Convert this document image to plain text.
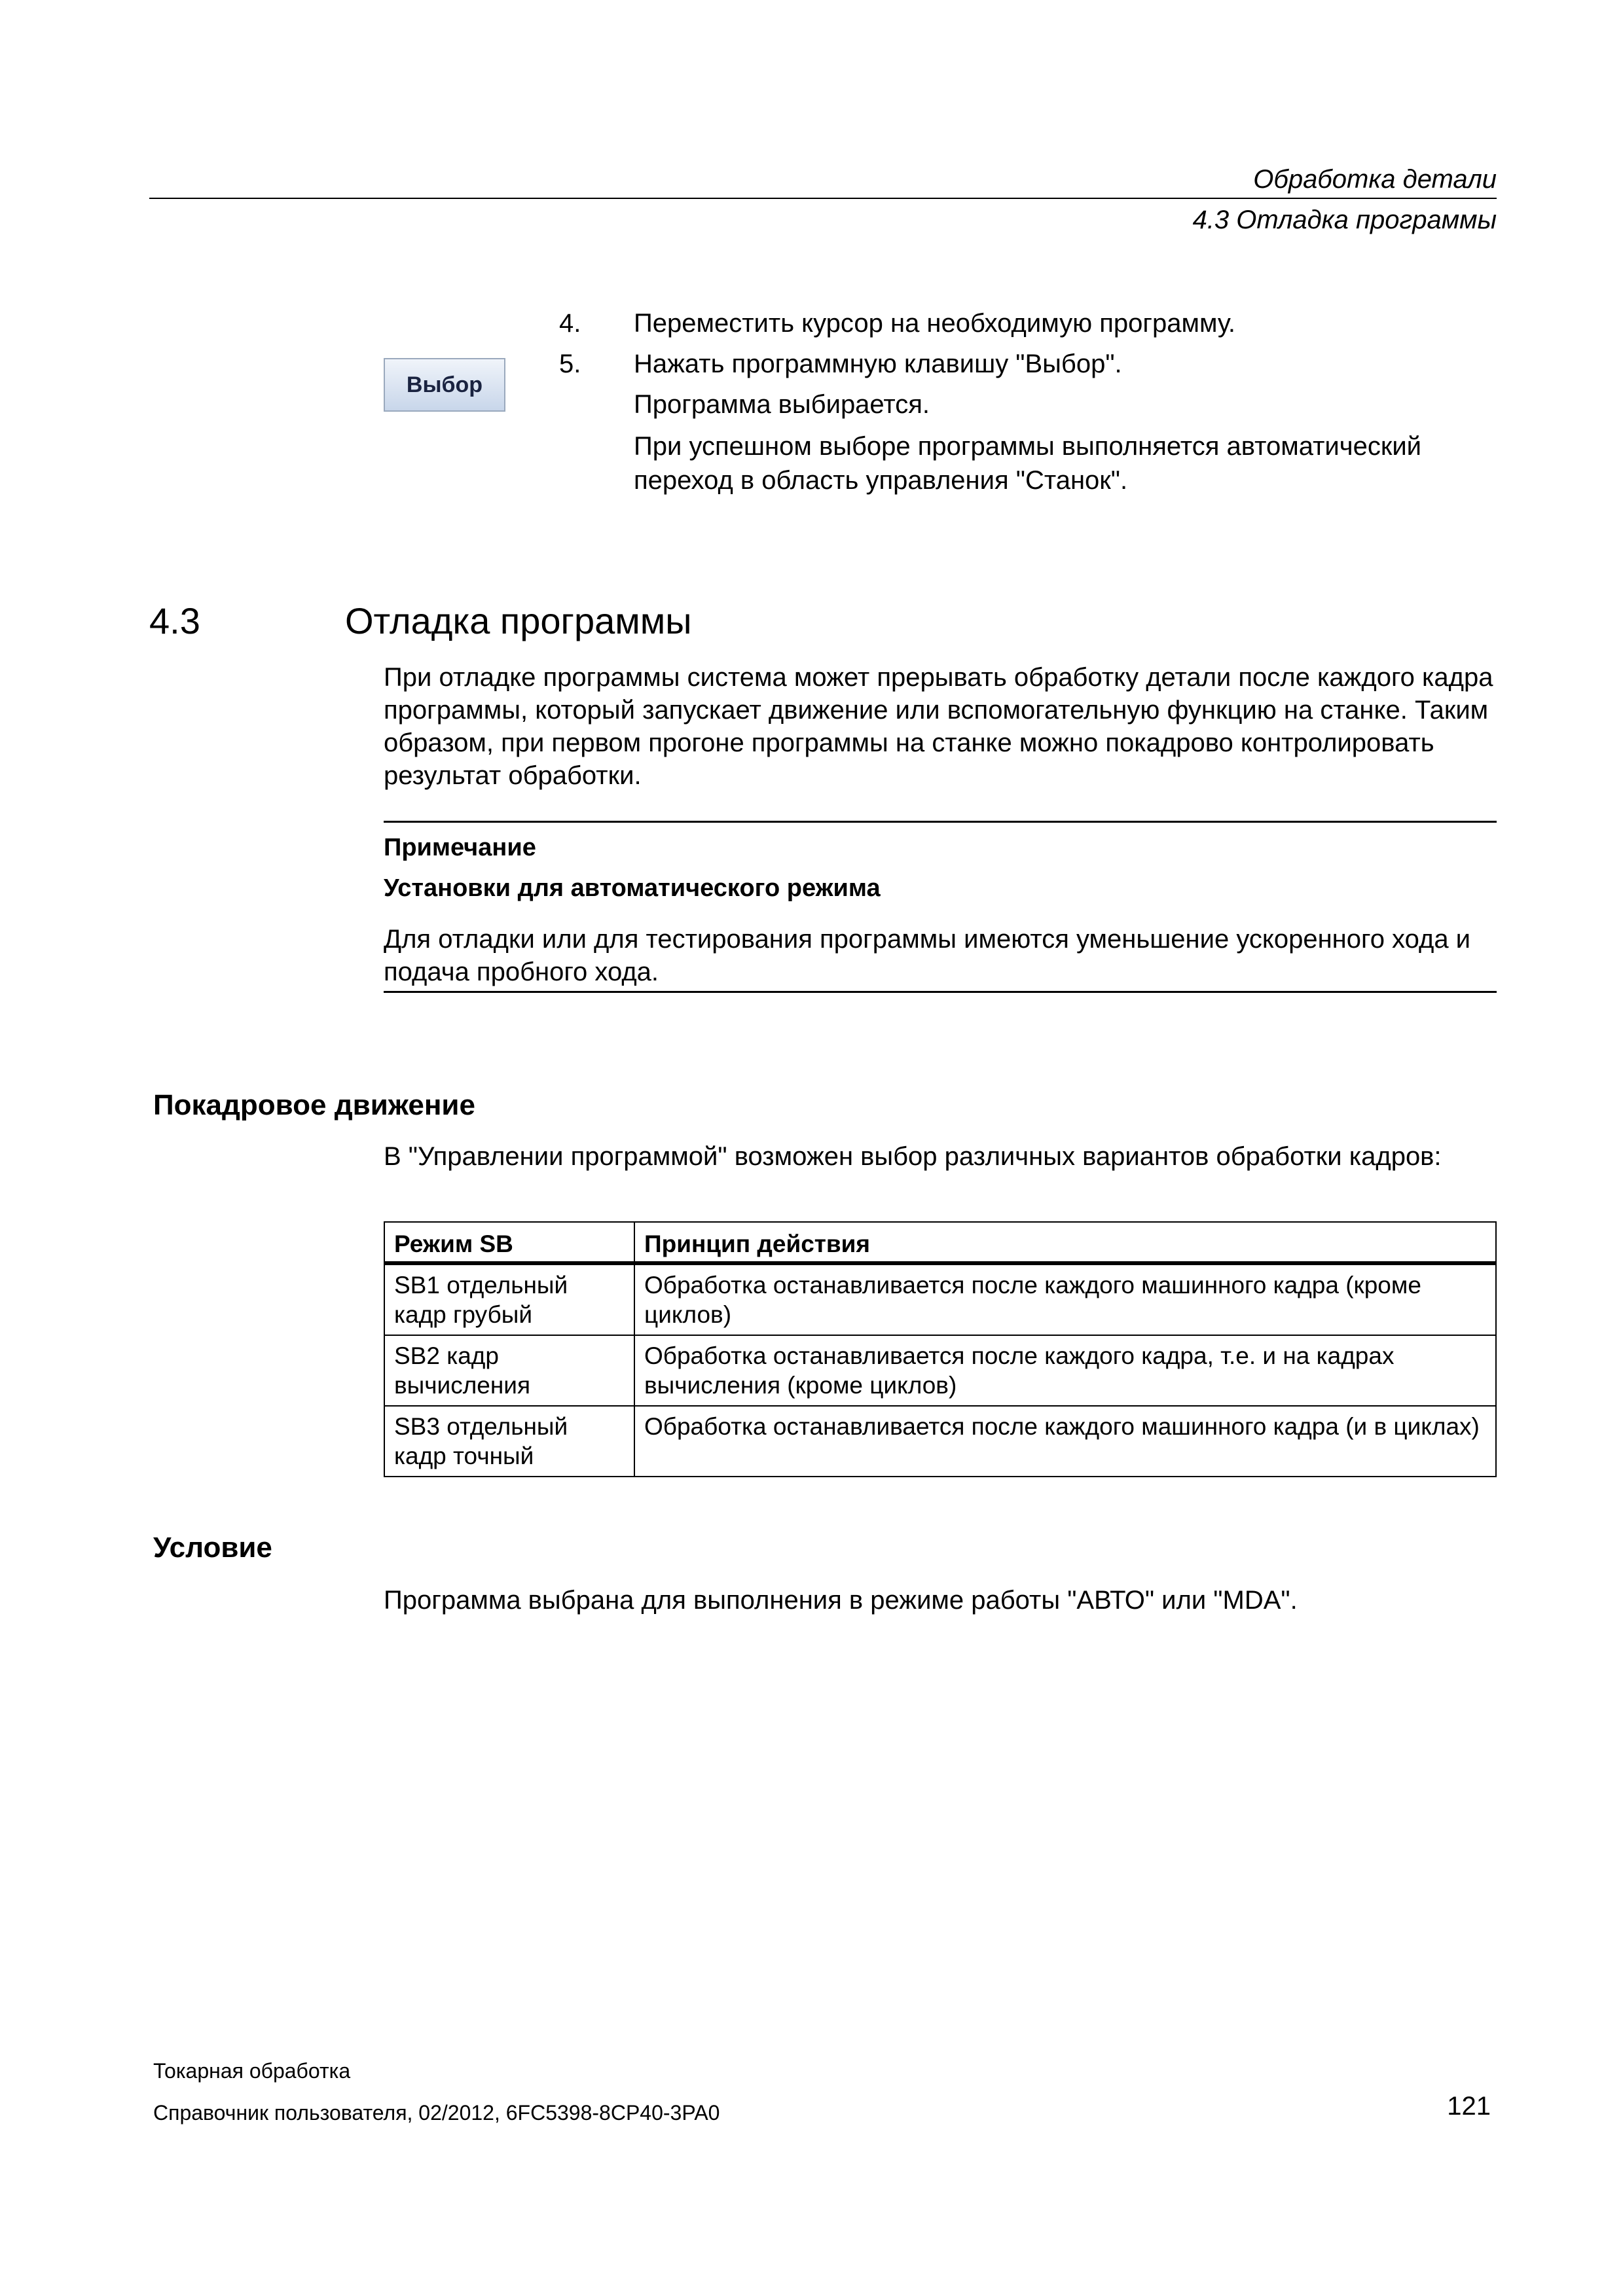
Обработка детали
4.3 Отладка программы
4. Переместить курсор на необходимую программу.
Выбор
5. Нажать программную клавишу "Выбор".
Программа выбирается.
При успешном выборе программы выполняется автоматический переход в область управления "Станок".
4.3	Отладка программы
При отладке программы система может прерывать обработку детали после каждого кадра программы, который запускает движение или вспомогательную функцию на станке. Таким образом, при первом прогоне программы на станке можно покадрово контролировать результат обработки.
Примечание
Установки для автоматического режима
Для отладки или для тестирования программы имеются уменьшение ускоренного хода и подача пробного хода.
Покадровое движение
В "Управлении программой" возможен выбор различных вариантов обработки кадров:
Режим SB	Принцип действия
SB1 отдельный кадр грубый	Обработка останавливается после каждого машинного кадра (кроме циклов)
SB2 кадр вычисления	Обработка останавливается после каждого кадра, т.е. и на кадрах вычисления (кроме циклов)
SB3 отдельный кадр точный	Обработка останавливается после каждого машинного кадра (и в циклах)
Условие
Программа выбрана для выполнения в режиме работы "АВТО" или "MDA".
Токарная обработка
Справочник пользователя, 02/2012, 6FC5398-8CP40-3PA0	121
